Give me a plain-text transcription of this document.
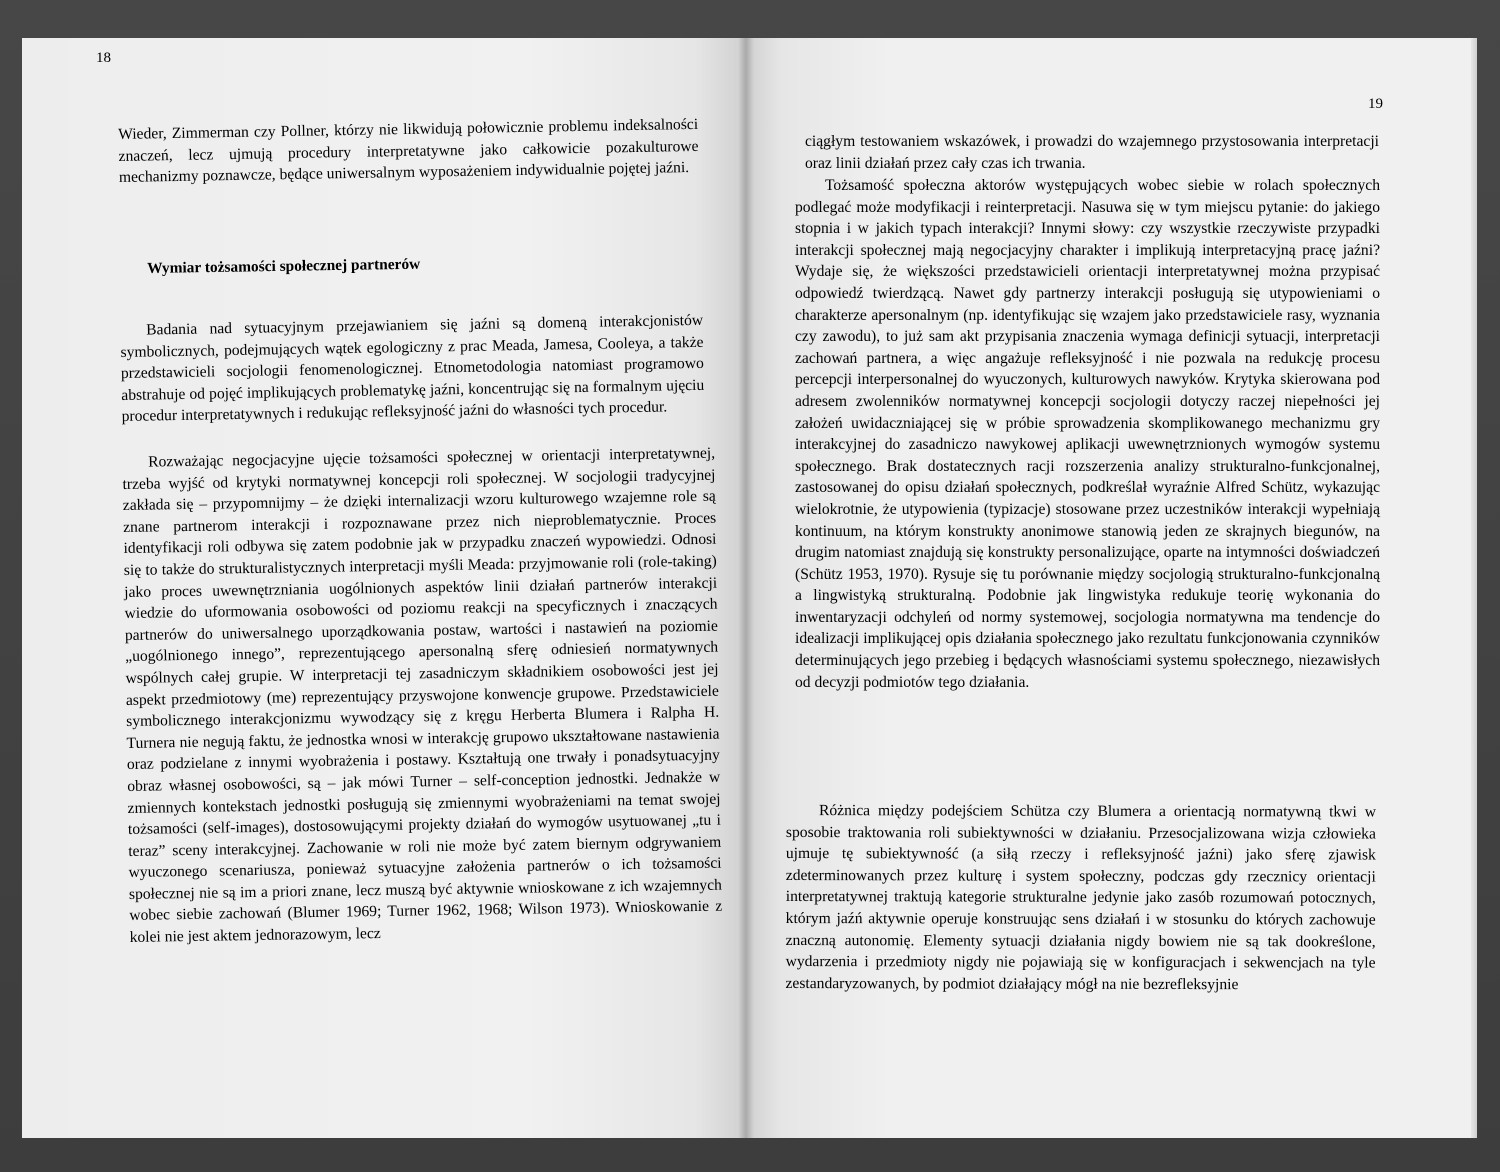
18

Wieder, Zimmerman czy Pollner, którzy nie likwidują połowicznie problemu indeksalności znaczeń, lecz ujmują procedury interpretatywne jako całkowicie pozakulturowe mechanizmy poznawcze, będące uniwersalnym wyposażeniem indywidualnie pojętej jaźni.

Wymiar tożsamości społecznej partnerów

Badania nad sytuacyjnym przejawianiem się jaźni są domeną interakcjonistów symbolicznych, podejmujących wątek egologiczny z prac Meada, Jamesa, Cooleya, a także przedstawicieli socjologii fenomenologicznej. Etnometodologia natomiast programowo abstrahuje od pojęć implikujących problematykę jaźni, koncentrując się na formalnym ujęciu procedur interpretatywnych i redukując refleksyjność jaźni do własności tych procedur.

Rozważając negocjacyjne ujęcie tożsamości społecznej w orientacji interpretatywnej, trzeba wyjść od krytyki normatywnej koncepcji roli społecznej. W socjologii tradycyjnej zakłada się – przypomnijmy – że dzięki internalizacji wzoru kulturowego wzajemne role są znane partnerom interakcji i rozpoznawane przez nich nieproblematycznie. Proces identyfikacji roli odbywa się zatem podobnie jak w przypadku znaczeń wypowiedzi. Odnosi się to także do strukturalistycznych interpretacji myśli Meada: przyjmowanie roli (role-taking) jako proces uwewnętrzniania uogólnionych aspektów linii działań partnerów interakcji wiedzie do uformowania osobowości od poziomu reakcji na specyficznych i znaczących partnerów do uniwersalnego uporządkowania postaw, wartości i nastawień na poziomie „uogólnionego innego”, reprezentującego apersonalną sferę odniesień normatywnych wspólnych całej grupie. W interpretacji tej zasadniczym składnikiem osobowości jest jej aspekt przedmiotowy (me) reprezentujący przyswojone konwencje grupowe. Przedstawiciele symbolicznego interakcjonizmu wywodzący się z kręgu Herberta Blumera i Ralpha H. Turnera nie negują faktu, że jednostka wnosi w interakcję grupowo ukształtowane nastawienia oraz podzielane z innymi wyobrażenia i postawy. Kształtują one trwały i ponadsytuacyjny obraz własnej osobowości, są – jak mówi Turner – self-conception jednostki. Jednakże w zmiennych kontekstach jednostki posługują się zmiennymi wyobrażeniami na temat swojej tożsamości (self-images), dostosowującymi projekty działań do wymogów usytuowanej „tu i teraz” sceny interakcyjnej. Zachowanie w roli nie może być zatem biernym odgrywaniem wyuczonego scenariusza, ponieważ sytuacyjne założenia partnerów o ich tożsamości społecznej nie są im a priori znane, lecz muszą być aktywnie wnioskowane z ich wzajemnych wobec siebie zachowań (Blumer 1969; Turner 1962, 1968; Wilson 1973). Wnioskowanie z kolei nie jest aktem jednorazowym, lecz

19

ciągłym testowaniem wskazówek, i prowadzi do wzajemnego przystosowania interpretacji oraz linii działań przez cały czas ich trwania.

Tożsamość społeczna aktorów występujących wobec siebie w rolach społecznych podlegać może modyfikacji i reinterpretacji. Nasuwa się w tym miejscu pytanie: do jakiego stopnia i w jakich typach interakcji? Innymi słowy: czy wszystkie rzeczywiste przypadki interakcji społecznej mają negocjacyjny charakter i implikują interpretacyjną pracę jaźni? Wydaje się, że większości przedstawicieli orientacji interpretatywnej można przypisać odpowiedź twierdzącą. Nawet gdy partnerzy interakcji posługują się utypowieniami o charakterze apersonalnym (np. identyfikując się wzajem jako przedstawiciele rasy, wyznania czy zawodu), to już sam akt przypisania znaczenia wymaga definicji sytuacji, interpretacji zachowań partnera, a więc angażuje refleksyjność i nie pozwala na redukcję procesu percepcji interpersonalnej do wyuczonych, kulturowych nawyków. Krytyka skierowana pod adresem zwolenników normatywnej koncepcji socjologii dotyczy raczej niepełności jej założeń uwidaczniającej się w próbie sprowadzenia skomplikowanego mechanizmu gry interakcyjnej do zasadniczo nawykowej aplikacji uwewnętrznionych wymogów systemu społecznego. Brak dostatecznych racji rozszerzenia analizy strukturalno-funkcjonalnej, zastosowanej do opisu działań społecznych, podkreślał wyraźnie Alfred Schütz, wykazując wielokrotnie, że utypowienia (typizacje) stosowane przez uczestników interakcji wypełniają kontinuum, na którym konstrukty anonimowe stanowią jeden ze skrajnych biegunów, na drugim natomiast znajdują się konstrukty personalizujące, oparte na intymności doświadczeń (Schütz 1953, 1970). Rysuje się tu porównanie między socjologią strukturalno-funkcjonalną a lingwistyką strukturalną. Podobnie jak lingwistyka redukuje teorię wykonania do inwentaryzacji odchyleń od normy systemowej, socjologia normatywna ma tendencje do idealizacji implikującej opis działania społecznego jako rezultatu funkcjonowania czynników determinujących jego przebieg i będących własnościami systemu społecznego, niezawisłych od decyzji podmiotów tego działania.

Różnica między podejściem Schütza czy Blumera a orientacją normatywną tkwi w sposobie traktowania roli subiektywności w działaniu. Przesocjalizowana wizja człowieka ujmuje tę subiektywność (a siłą rzeczy i refleksyjność jaźni) jako sferę zjawisk zdeterminowanych przez kulturę i system społeczny, podczas gdy rzecznicy orientacji interpretatywnej traktują kategorie strukturalne jedynie jako zasób rozumowań potocznych, którym jaźń aktywnie operuje konstruując sens działań i w stosunku do których zachowuje znaczną autonomię. Elementy sytuacji działania nigdy bowiem nie są tak dookreślone, wydarzenia i przedmioty nigdy nie pojawiają się w konfiguracjach i sekwencjach na tyle zestandaryzowanych, by podmiot działający mógł na nie bezrefleksyjnie
